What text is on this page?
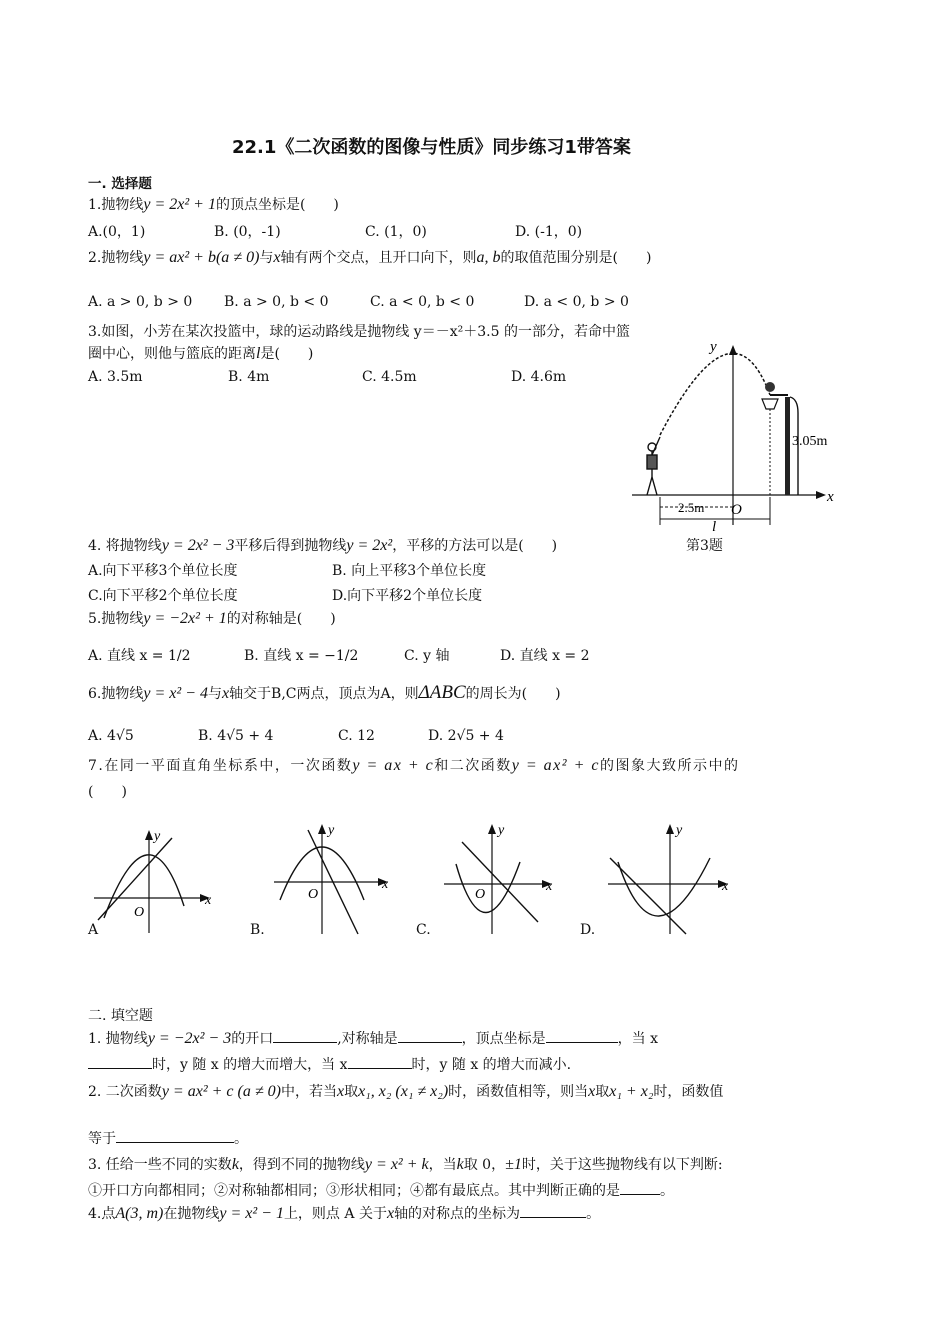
22.1《二次函数的图像与性质》同步练习1带答案
一. 选择题
1.抛物线y = 2x² + 1的顶点坐标是(　　)
A.(0，1)	B. (0，-1)	C. (1，0)	D. (-1，0)
2.抛物线y = ax² + b(a ≠ 0)与x轴有两个交点，且开口向下，则a, b的取值范围分别是(　　)
A. a > 0, b > 0 B. a > 0, b < 0	C. a < 0, b < 0	D. a < 0, b > 0
3.如图，小芳在某次投篮中，球的运动路线是抛物线 y＝－x²＋3.5 的一部分，若命中篮
圈中心，则他与篮底的距离l是(　　)
A. 3.5m	B. 4m	C. 4.5m	D. 4.6m
y
x
O
3.05m
2.5m
l
第3题
4. 将抛物线y = 2x² − 3平移后得到抛物线y = 2x²，平移的方法可以是(　　)
A.向下平移3个单位长度	B. 向上平移3个单位长度
C.向下平移2个单位长度	D.向下平移2个单位长度
5.抛物线y = −2x² + 1的对称轴是(　　)
A. 直线 x = 1/2	B. 直线 x = −1/2	C. y 轴	D. 直线 x = 2
6.抛物线y = x² − 4与x轴交于B,C两点，顶点为A，则ΔABC的周长为(　　)
A. 4√5	B. 4√5 + 4	C. 12	D. 2√5 + 4
7.在同一平面直角坐标系中，一次函数y = ax + c和二次函数y = ax² + c的图象大致所示中的
(　　)
x
y
O
A
x
y
O
B.
x
y
O
C.
x
y
D.
二. 填空题
1. 抛物线y = −2x² − 3的开口	,对称轴是	，顶点坐标是	，当 x
时，y 随 x 的增大而增大，当 x	时，y 随 x 的增大而减小.
2. 二次函数y = ax² + c (a ≠ 0)中，若当x取x₁, x₂ (x₁ ≠ x₂)时，函数值相等，则当x取x₁ + x₂时，函数值
等于	。
3. 任给一些不同的实数k，得到不同的抛物线y = x² + k，当k取 0，±1时，关于这些抛物线有以下判断:
①开口方向都相同；②对称轴都相同；③形状相同；④都有最底点。其中判断正确的是	。
4.点A(3, m)在抛物线y = x² − 1上，则点 A 关于x轴的对称点的坐标为	。
